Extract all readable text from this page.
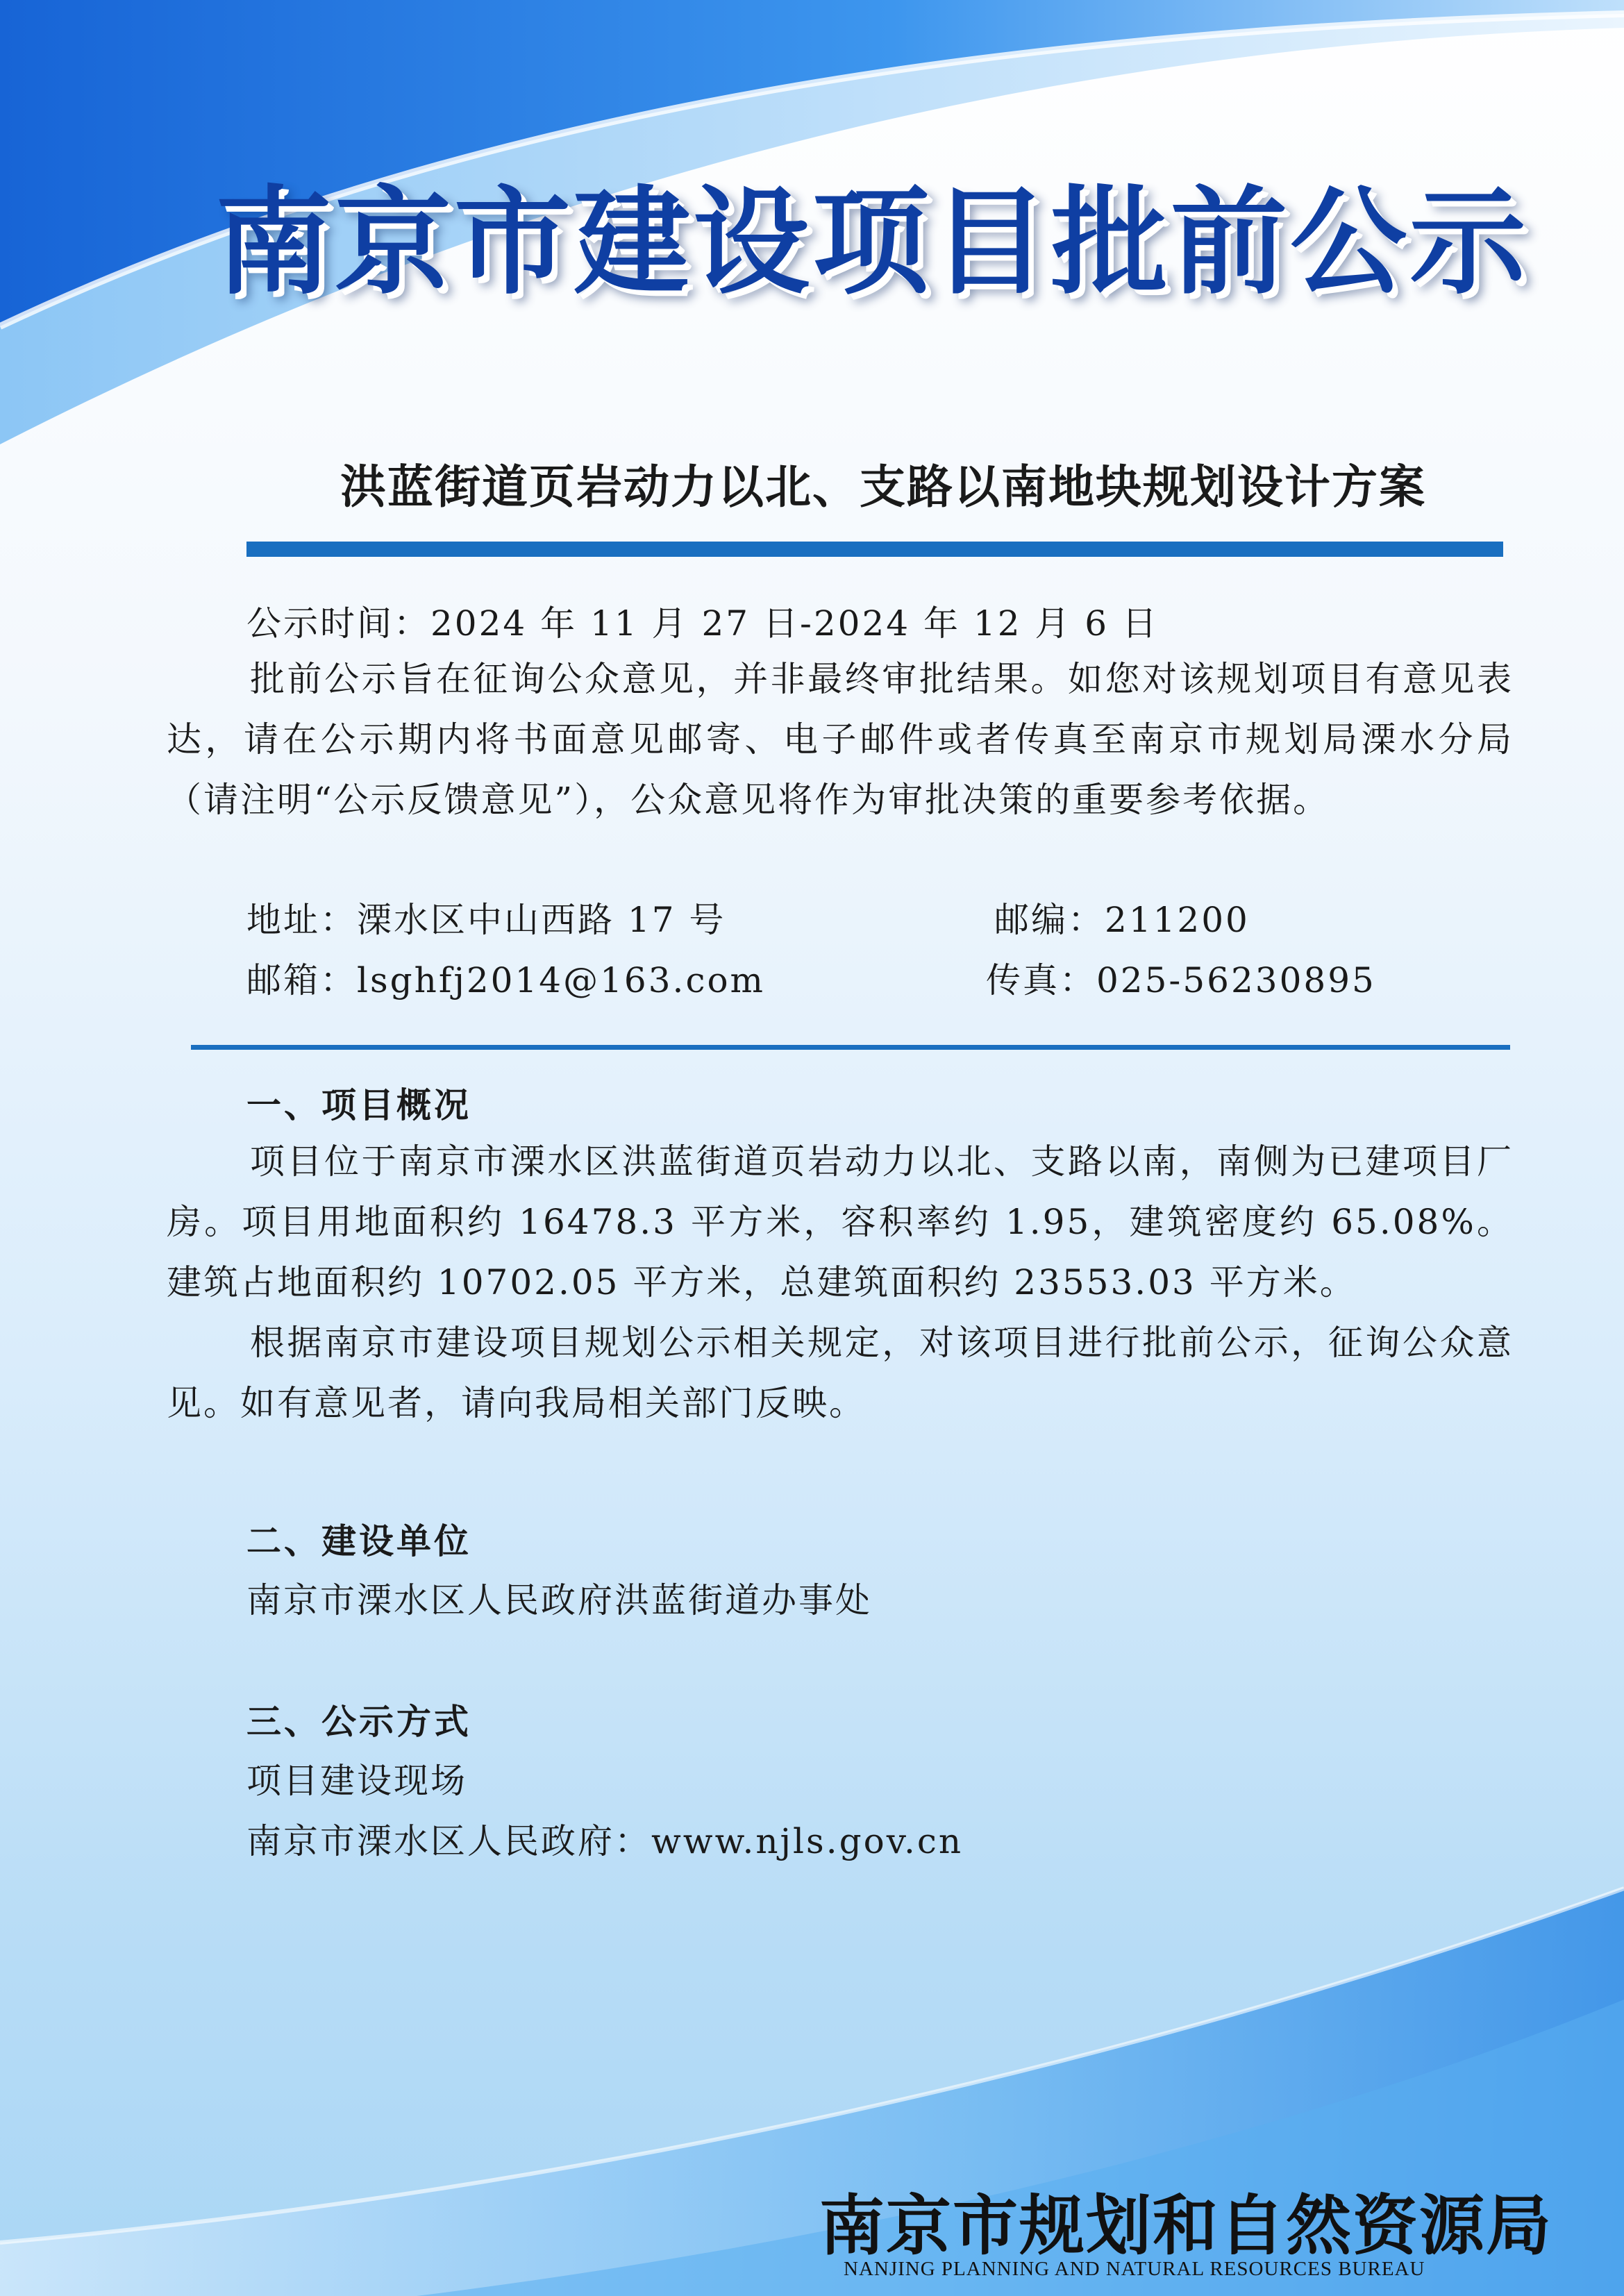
南京市建设项目批前公示
洪蓝街道页岩动力以北、支路以南地块规划设计方案
公示时间：2024 年 11 月 27 日-2024 年 12 月 6 日

批前公示旨在征询公众意见，并非最终审批结果。如您对该规划项目有意见表达，请在公示期内将书面意见邮寄、电子邮件或者传真至南京市规划局溧水分局（请注明“公示反馈意见”），公众意见将作为审批决策的重要参考依据。

地址：溧水区中山西路 17 号	邮编：211200
邮箱：lsghfj2014@163.com	传真：025-56230895
一、项目概况

项目位于南京市溧水区洪蓝街道页岩动力以北、支路以南，南侧为已建项目厂房。项目用地面积约 16478.3 平方米，容积率约 1.95，建筑密度约 65.08%。建筑占地面积约 10702.05 平方米，总建筑面积约 23553.03 平方米。

根据南京市建设项目规划公示相关规定，对该项目进行批前公示，征询公众意见。如有意见者，请向我局相关部门反映。

二、建设单位
南京市溧水区人民政府洪蓝街道办事处
三、公示方式
项目建设现场
南京市溧水区人民政府：www.njls.gov.cn
南京市规划和自然资源局
NANJING PLANNING AND NATURAL RESOURCES BUREAU
